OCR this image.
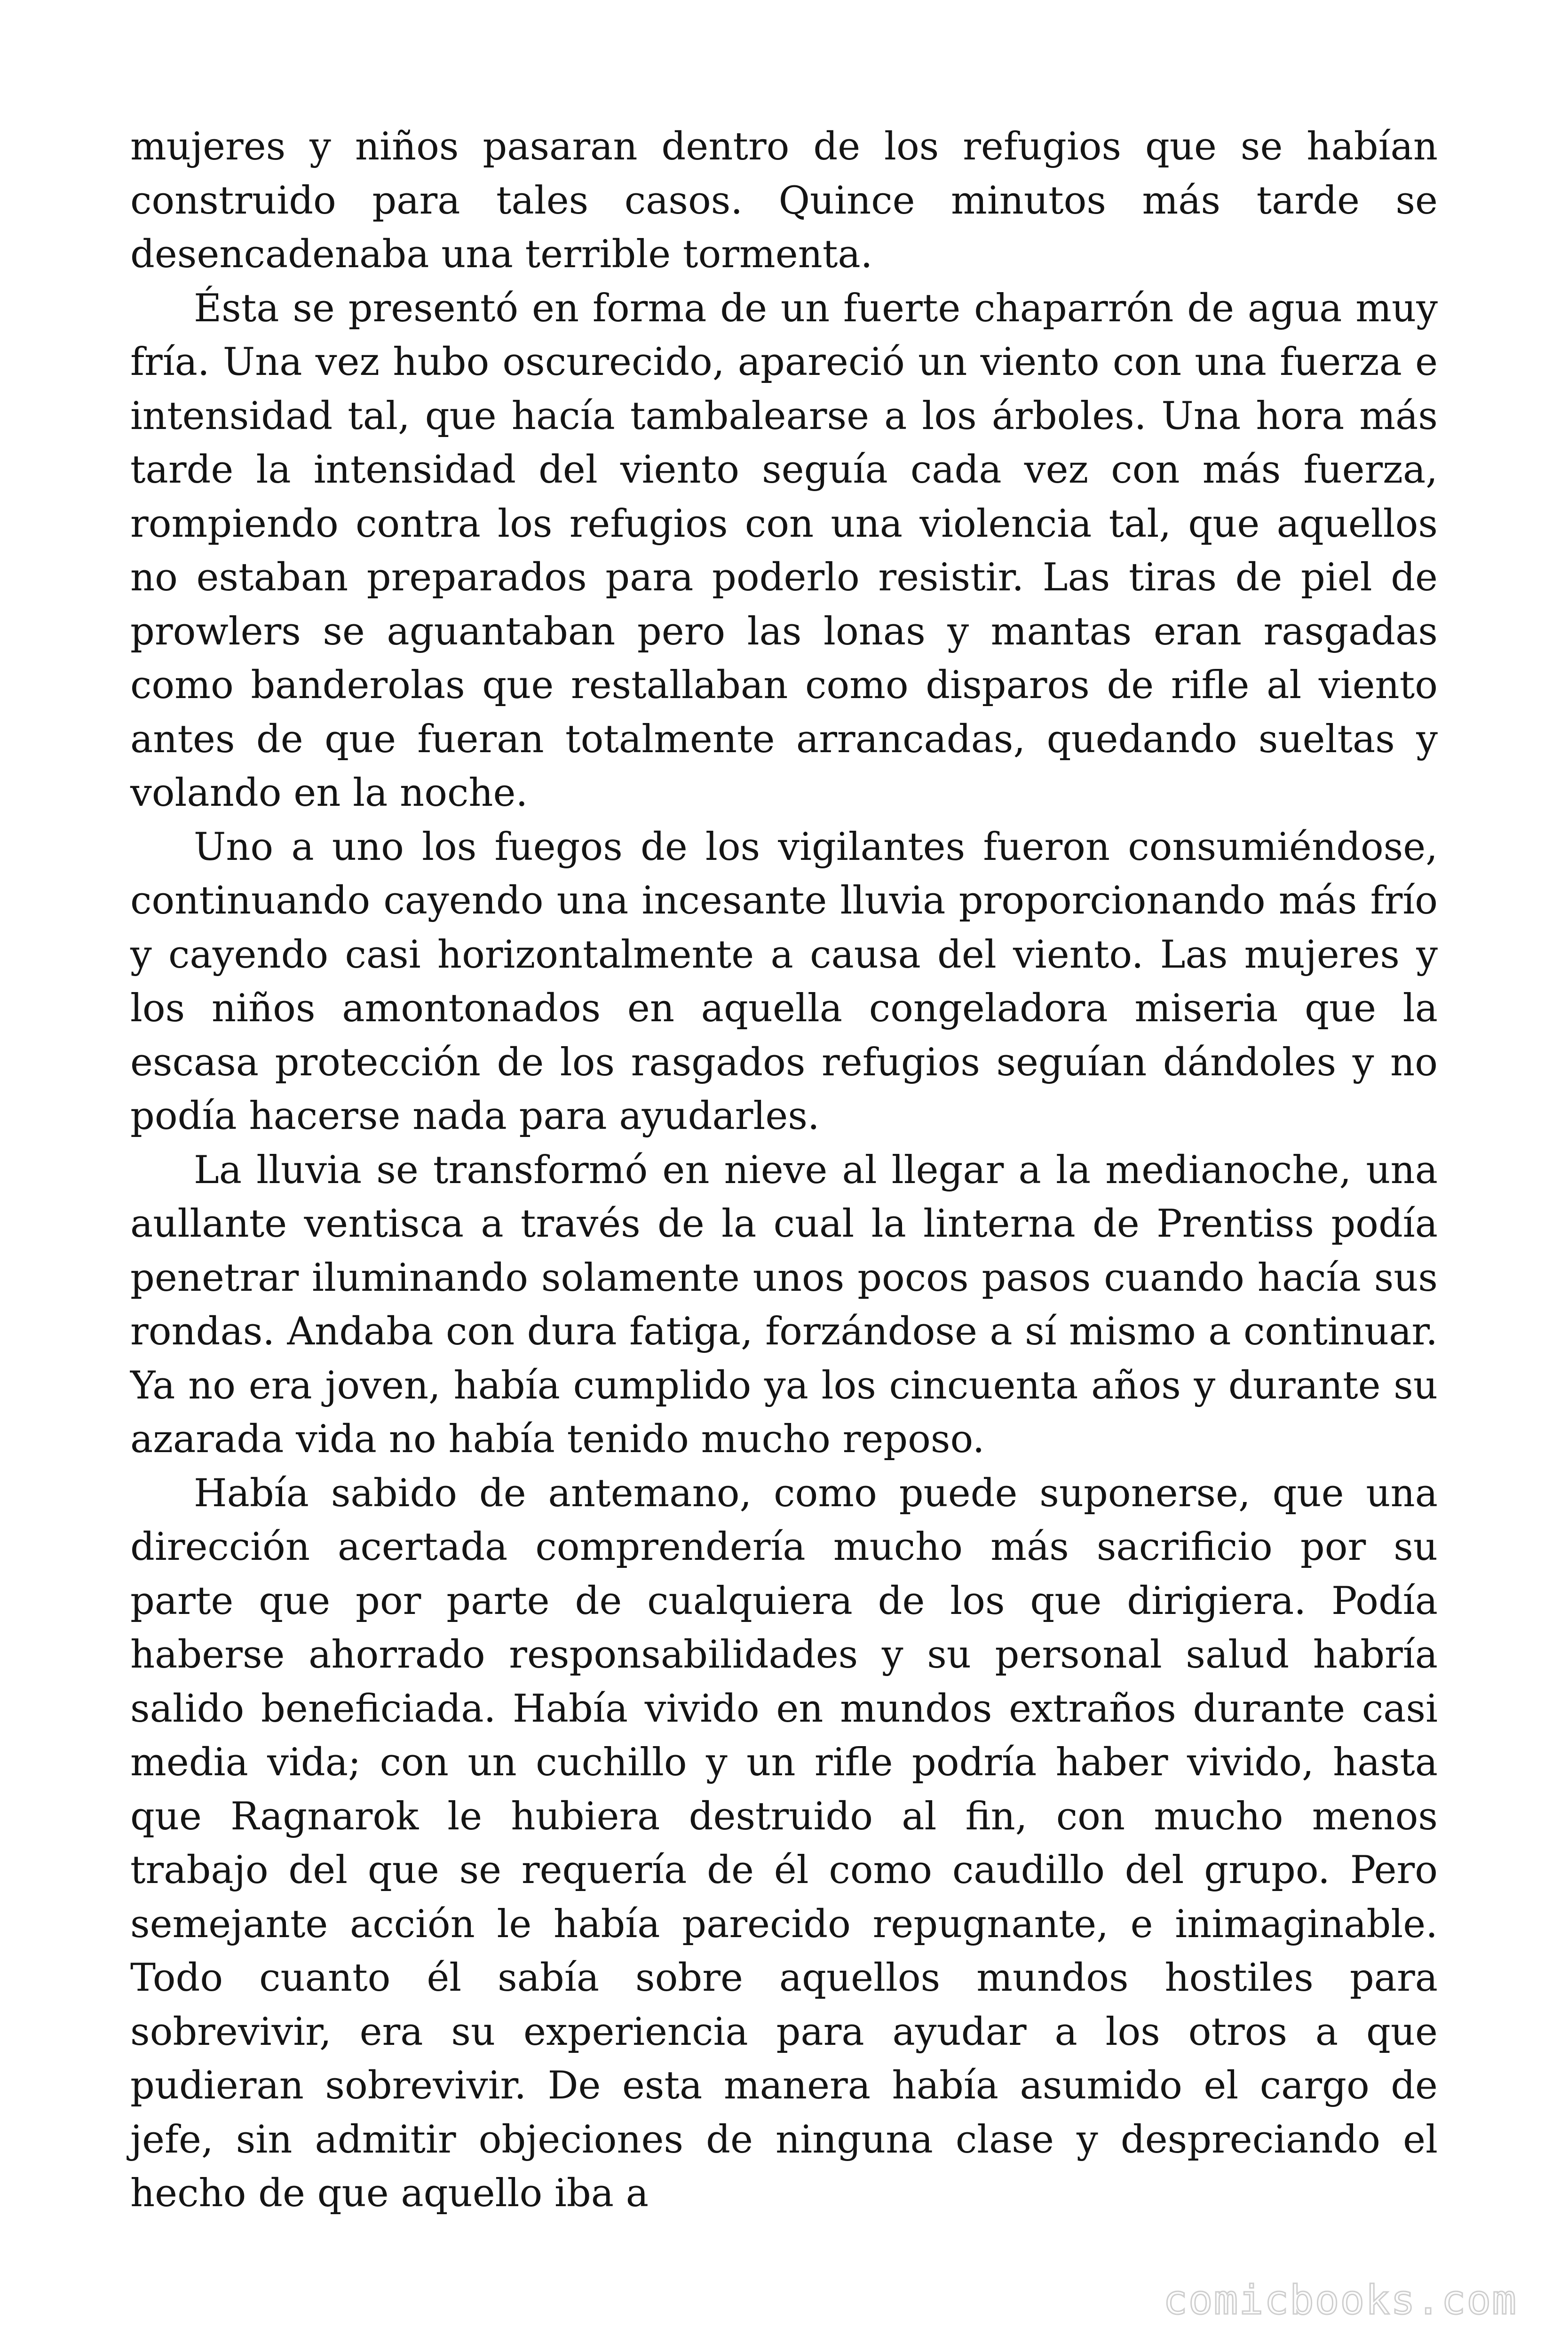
mujeres y niños pasaran dentro de los refugios que se habían construido para tales casos. Quince minutos más tarde se desencadenaba una terrible tormenta.

Ésta se presentó en forma de un fuerte chaparrón de agua muy fría. Una vez hubo oscurecido, apareció un viento con una fuerza e intensidad tal, que hacía tambalearse a los árboles. Una hora más tarde la intensidad del viento seguía cada vez con más fuerza, rompiendo contra los refugios con una violencia tal, que aquellos no estaban preparados para poderlo resistir. Las tiras de piel de prowlers se aguantaban pero las lonas y mantas eran rasgadas como banderolas que restallaban como disparos de rifle al viento antes de que fueran totalmente arrancadas, quedando sueltas y volando en la noche.

Uno a uno los fuegos de los vigilantes fueron consumiéndose, continuando cayendo una incesante lluvia proporcionando más frío y cayendo casi horizontalmente a causa del viento. Las mujeres y los niños amontonados en aquella congeladora miseria que la escasa protección de los rasgados refugios seguían dándoles y no podía hacerse nada para ayudarles.

La lluvia se transformó en nieve al llegar a la medianoche, una aullante ventisca a través de la cual la linterna de Prentiss podía penetrar iluminando solamente unos pocos pasos cuando hacía sus rondas. Andaba con dura fatiga, forzándose a sí mismo a continuar. Ya no era joven, había cumplido ya los cincuenta años y durante su azarada vida no había tenido mucho reposo.

Había sabido de antemano, como puede suponerse, que una dirección acertada comprendería mucho más sacrificio por su parte que por parte de cualquiera de los que dirigiera. Podía haberse ahorrado responsabilidades y su personal salud habría salido beneficiada. Había vivido en mundos extraños durante casi media vida; con un cuchillo y un rifle podría haber vivido, hasta que Ragnarok le hubiera destruido al fin, con mucho menos trabajo del que se requería de él como caudillo del grupo. Pero semejante acción le había parecido repugnante, e inimaginable. Todo cuanto él sabía sobre aquellos mundos hostiles para sobrevivir, era su experiencia para ayudar a los otros a que pudieran sobrevivir. De esta manera había asumido el cargo de jefe, sin admitir objeciones de ninguna clase y despreciando el hecho de que aquello iba a

comicbooks.com
